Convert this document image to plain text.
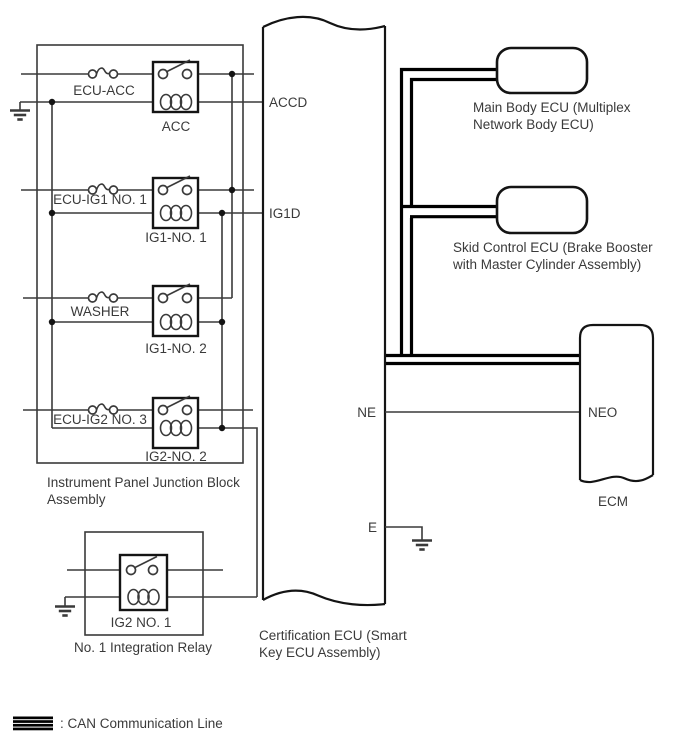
ECU-ACC
ACC
ECU-IG1 NO. 1
IG1-NO. 1
WASHER
IG1-NO. 2
ECU-IG2 NO. 3
IG2-NO. 2
Instrument Panel Junction Block
Assembly
IG2 NO. 1
No. 1 Integration Relay
ACCD
IG1D
NE
E
Certification ECU (Smart
Key ECU Assembly)
Main Body ECU (Multiplex
Network Body ECU)
Skid Control ECU (Brake Booster
with Master Cylinder Assembly)
NEO
ECM
: CAN Communication Line
